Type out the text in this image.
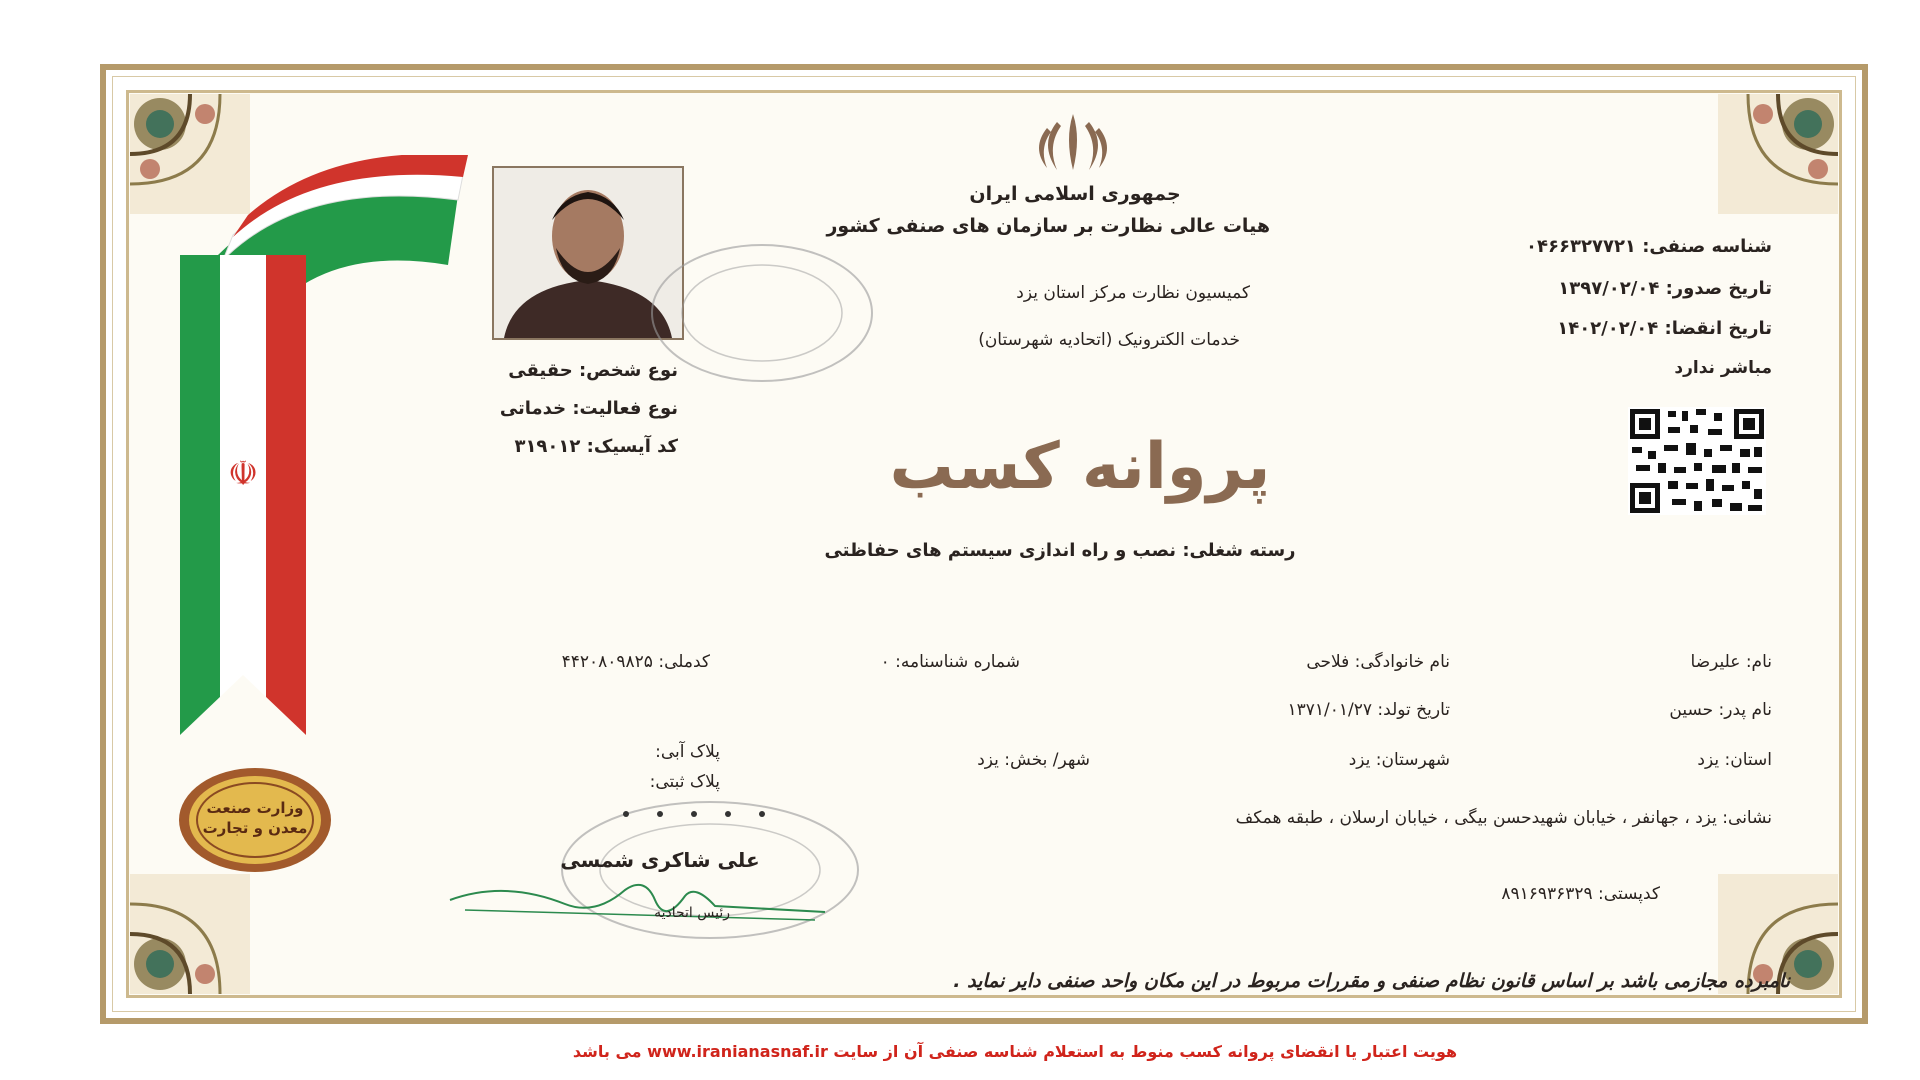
☫
وزارت صنعت معدن و تجارت
جمهوری اسلامی ایران
هیات عالی نظارت بر سازمان های صنفی کشور
کمیسیون نظارت مرکز استان یزد
خدمات الکترونیک (اتحادیه شهرستان)
شناسه صنفی: ۰۴۶۶۳۲۷۷۲۱
تاریخ صدور: ۱۳۹۷/۰۲/۰۴
تاریخ انقضا: ۱۴۰۲/۰۲/۰۴
مباشر ندارد
نوع شخص: حقیقی
نوع فعالیت: خدماتی
کد آیسیک: ۳۱۹۰۱۲	پروانه کسب
رسته شغلی: نصب و راه اندازی سیستم های حفاظتی
نام: علیرضا
نام خانوادگی: فلاحی
شماره شناسنامه: ۰
کدملی: ۴۴۲۰۸۰۹۸۲۵
نام پدر: حسین
تاریخ تولد: ۱۳۷۱/۰۱/۲۷
استان: یزد
شهرستان: یزد
شهر/ بخش: یزد
پلاک آبی:
پلاک ثبتی:
نشانی: یزد ، جهانفر ، خیابان شهیدحسن بیگی ، خیابان ارسلان ، طبقه همکف
کدپستی: ۸۹۱۶۹۳۶۳۲۹
علی شاکری شمسی
رئیس اتحادیه
نامبرده مجازمی باشد بر اساس قانون نظام صنفی و مقررات مربوط در این مکان واحد صنفی دایر نماید .
هویت اعتبار یا انقضای پروانه کسب منوط به استعلام شناسه صنفی آن از سایت www.iranianasnaf.ir می باشد
